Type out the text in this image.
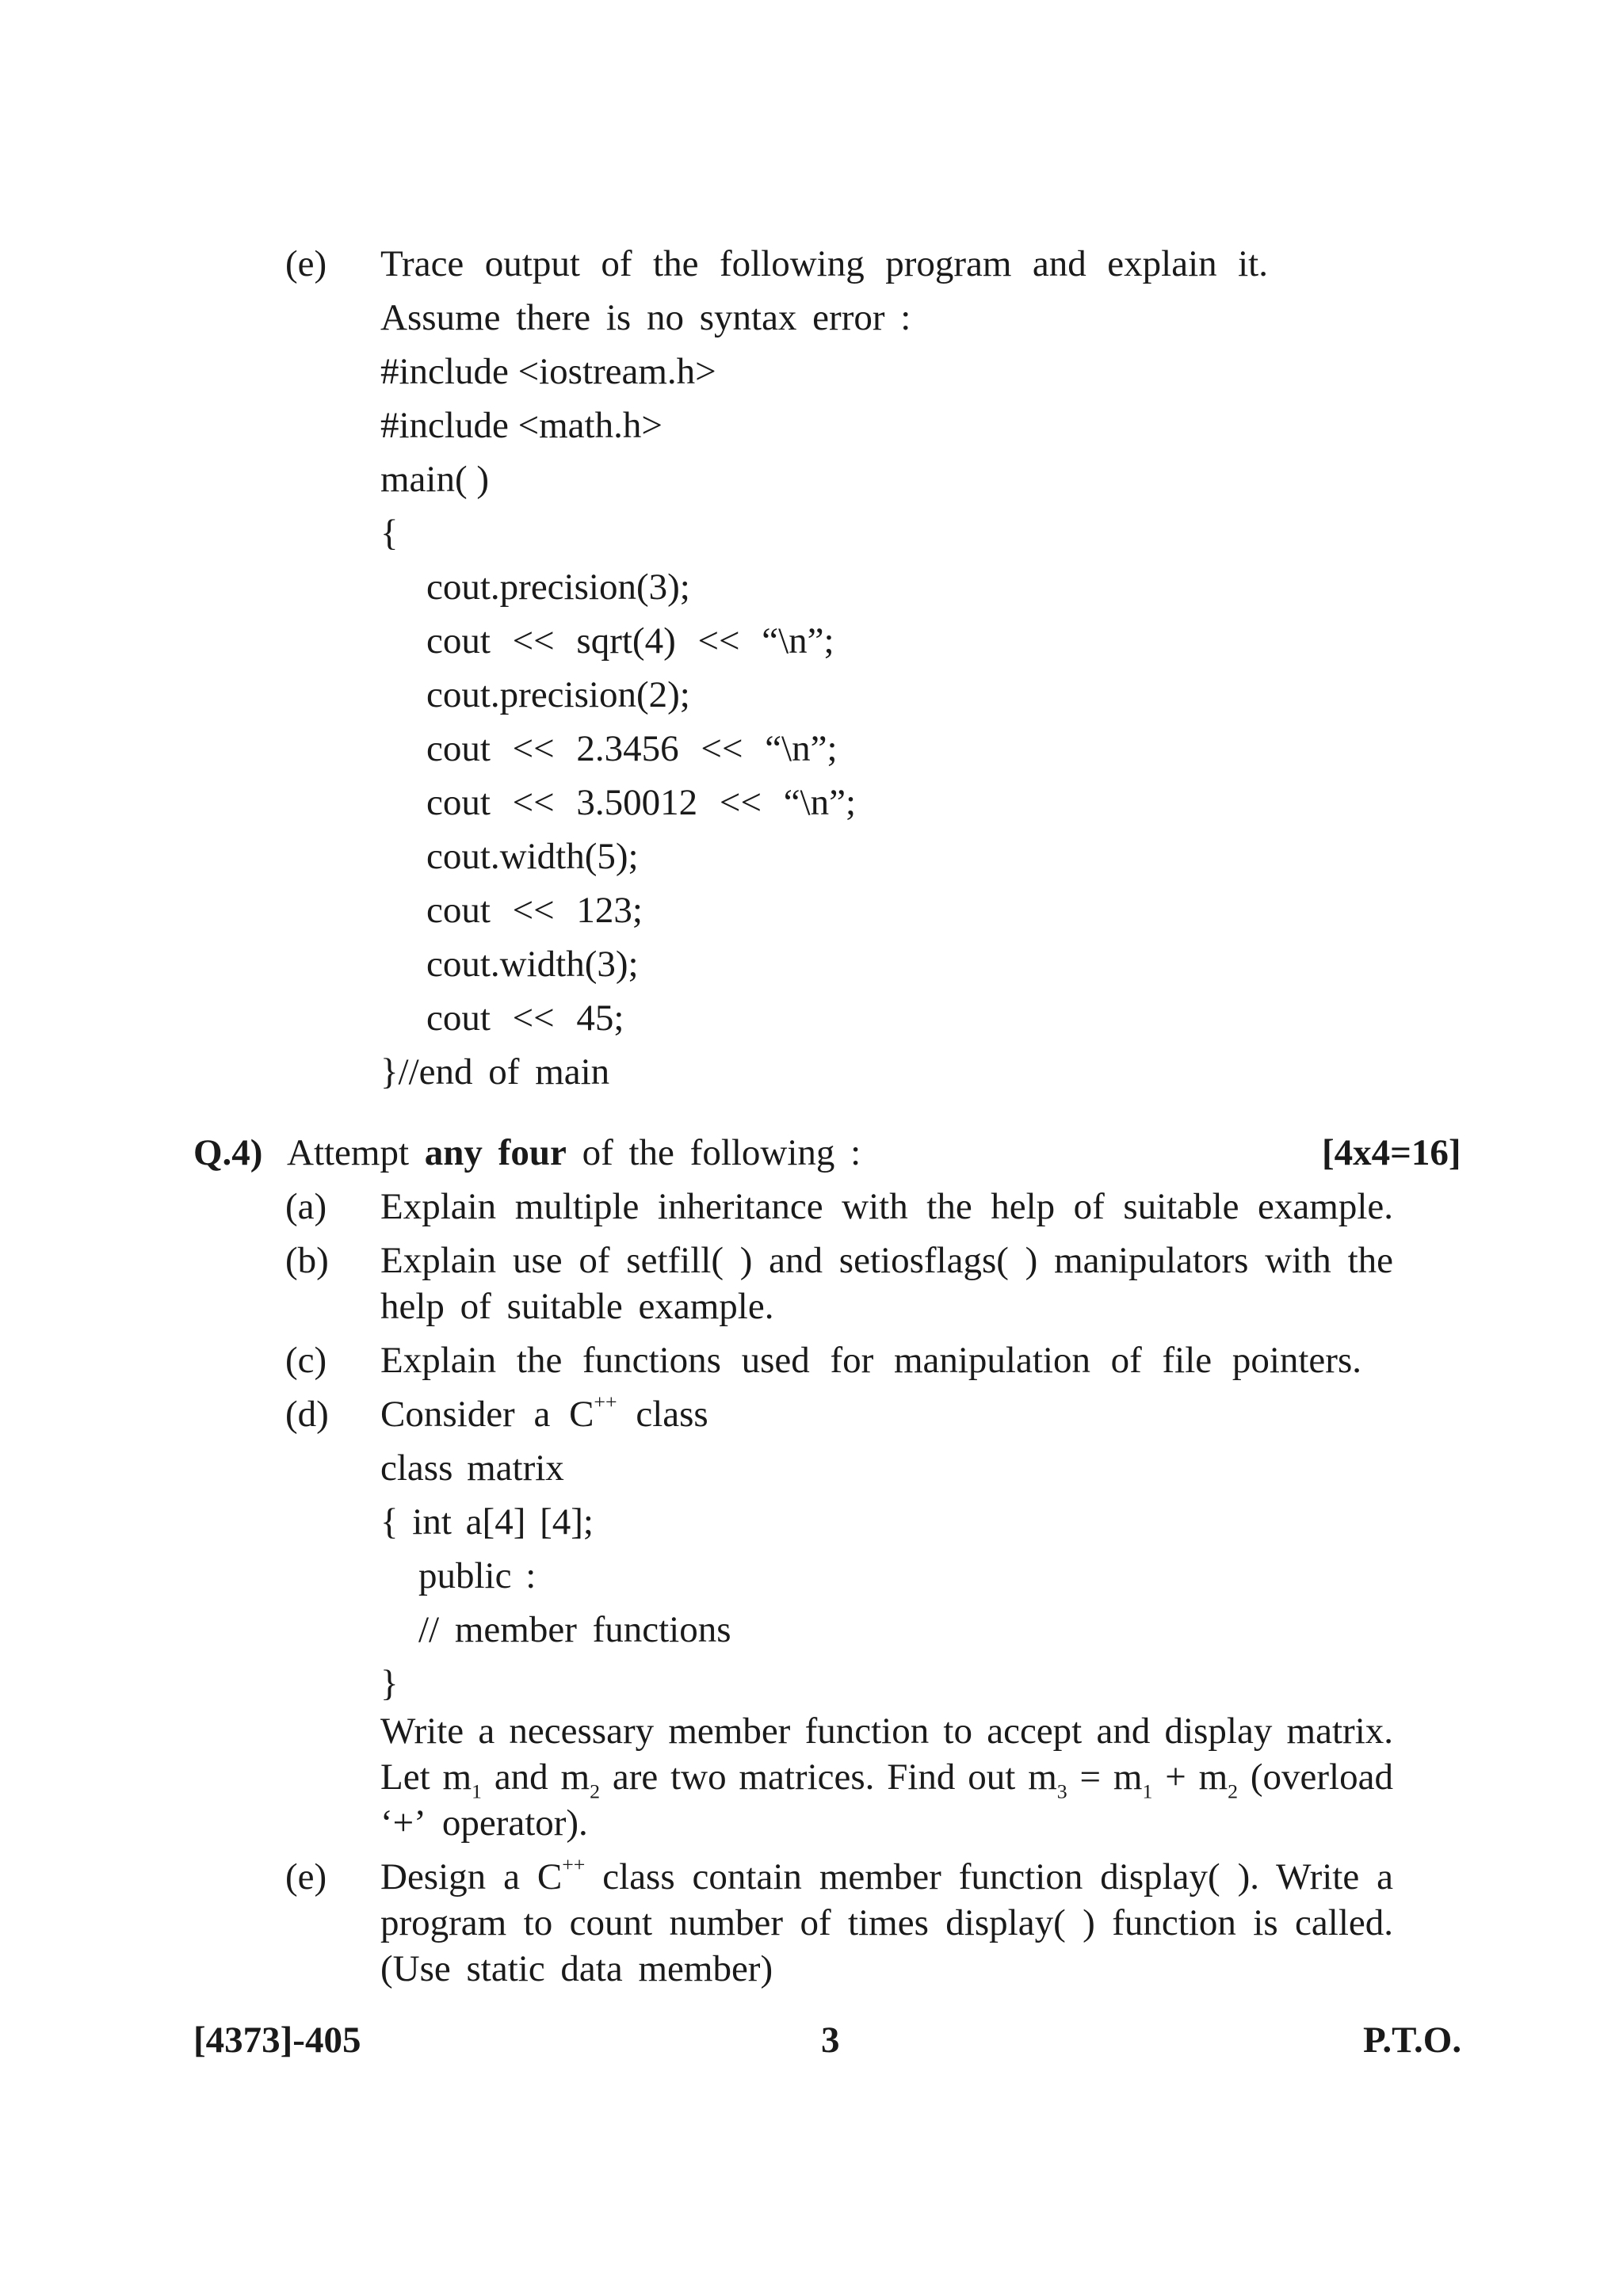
(e) Trace output of the following program and explain it.
Assume there is no syntax error :
#include <iostream.h>
#include <math.h>
main( )
{
cout.precision(3);
cout << sqrt(4) << “\n”;
cout.precision(2);
cout << 2.3456 << “\n”;
cout << 3.50012 << “\n”;
cout.width(5);
cout << 123;
cout.width(3);
cout << 45;
}//end of main
Q.4) Attempt any four of the following :	[4x4=16]
(a) Explain multiple inheritance with the help of suitable example.
(b) Explain use of setfill( ) and setiosflags( ) manipulators with the
help of suitable example.
(c) Explain the functions used for manipulation of file pointers.
(d) Consider a C++ class
class matrix
{ int a[4] [4];
public :
// member functions
}
Write a necessary member function to accept and display matrix.
Let $m_1$ and $m_2$ are two matrices. Find out $m_3 = m_1 + m_2$ (overload
‘+’  operator).
(e) Design a C++ class contain member function display( ). Write a
program to count number of times display( ) function is called.
(Use static data member)
[4373]-405	3	P.T.O.
